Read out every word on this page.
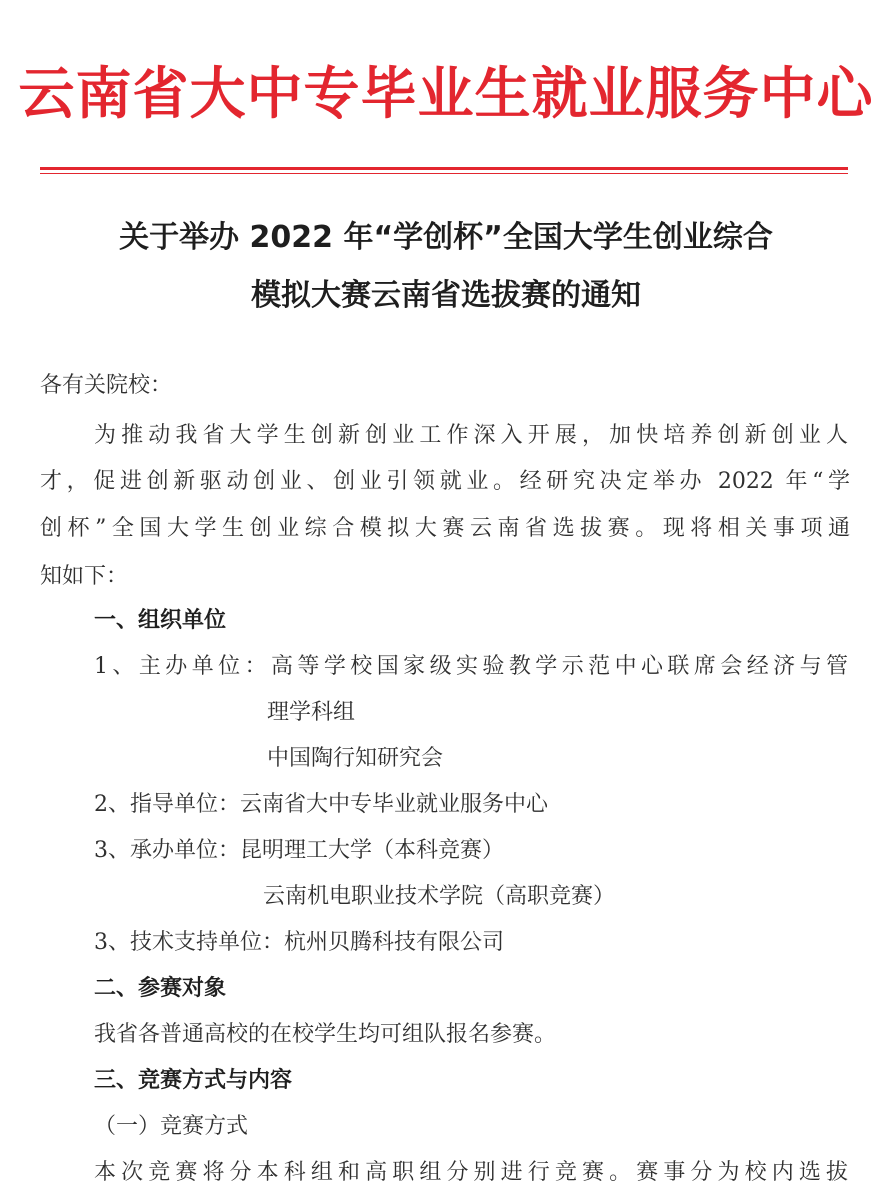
云南省大中专毕业生就业服务中心
关于举办 2022 年“学创杯”全国大学生创业综合
模拟大赛云南省选拔赛的通知
各有关院校：
为推动我省大学生创新创业工作深入开展，加快培养创新创业人
才，促进创新驱动创业、创业引领就业。经研究决定举办 2022 年“学
创杯”全国大学生创业综合模拟大赛云南省选拔赛。现将相关事项通
知如下：
一、组织单位
1、主办单位：高等学校国家级实验教学示范中心联席会经济与管
理学科组
中国陶行知研究会
2、指导单位：云南省大中专毕业就业服务中心
3、承办单位：昆明理工大学（本科竞赛）
云南机电职业技术学院（高职竞赛）
3、技术支持单位：杭州贝腾科技有限公司
二、参赛对象
我省各普通高校的在校学生均可组队报名参赛。
三、竞赛方式与内容
（一）竞赛方式
本次竞赛将分本科组和高职组分别进行竞赛。赛事分为校内选拔
